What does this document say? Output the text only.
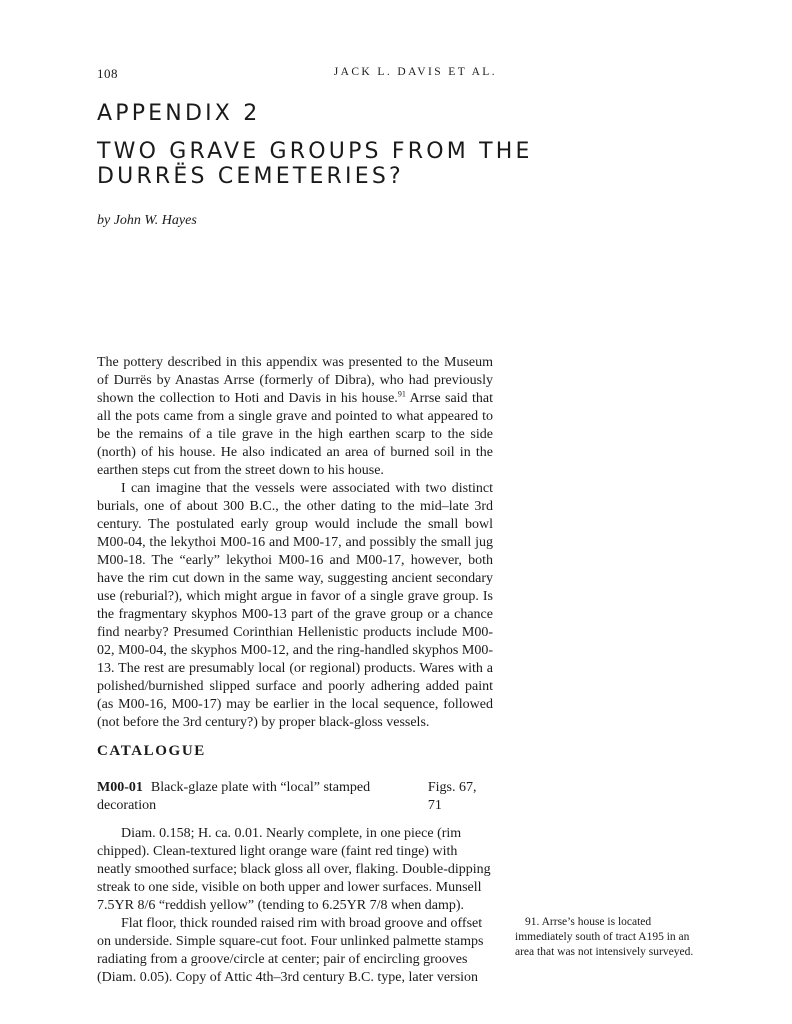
108	JACK L. DAVIS ET AL.
APPENDIX 2
TWO GRAVE GROUPS FROM THE
DURRËS CEMETERIES?
by John W. Hayes

The pottery described in this appendix was presented to the Museum of Durrës by Anastas Arrse (formerly of Dibra), who had previously shown the collection to Hoti and Davis in his house.$^{91}$ Arrse said that all the pots came from a single grave and pointed to what appeared to be the remains of a tile grave in the high earthen scarp to the side (north) of his house. He also indicated an area of burned soil in the earthen steps cut from the street down to his house.

I can imagine that the vessels were associated with two distinct burials, one of about 300 B.C., the other dating to the mid–late 3rd century. The postulated early group would include the small bowl M00-04, the lekythoi M00-16 and M00-17, and possibly the small jug M00-18. The “early” lekythoi M00-16 and M00-17, however, both have the rim cut down in the same way, suggesting ancient secondary use (reburial?), which might argue in favor of a single grave group. Is the fragmentary skyphos M00-13 part of the grave group or a chance find nearby? Presumed Corinthian Hellenistic products include M00-02, M00-04, the skyphos M00-12, and the ring-handled skyphos M00-13. The rest are presumably local (or regional) products. Wares with a polished/burnished slipped surface and poorly adhering added paint (as M00-16, M00-17) may be earlier in the local sequence, followed (not before the 3rd century?) by proper black-gloss vessels.

CATALOGUE
M00-01 Black-glaze plate with “local” stamped decoration
Figs. 67, 71

Diam. 0.158; H. ca. 0.01. Nearly complete, in one piece (rim chipped). Clean-textured light orange ware (faint red tinge) with neatly smoothed surface; black gloss all over, flaking. Double-dipping streak to one side, visible on both upper and lower surfaces. Munsell 7.5YR 8/6 “reddish yellow” (tending to 6.25YR 7/8 when damp).

Flat floor, thick rounded raised rim with broad groove and offset on underside. Simple square-cut foot. Four unlinked palmette stamps radiating from a groove/circle at center; pair of encircling grooves (Diam. 0.05). Copy of Attic 4th–3rd century B.C. type, later version

91. Arrse’s house is located immediately south of tract A195 in an area that was not intensively surveyed.
